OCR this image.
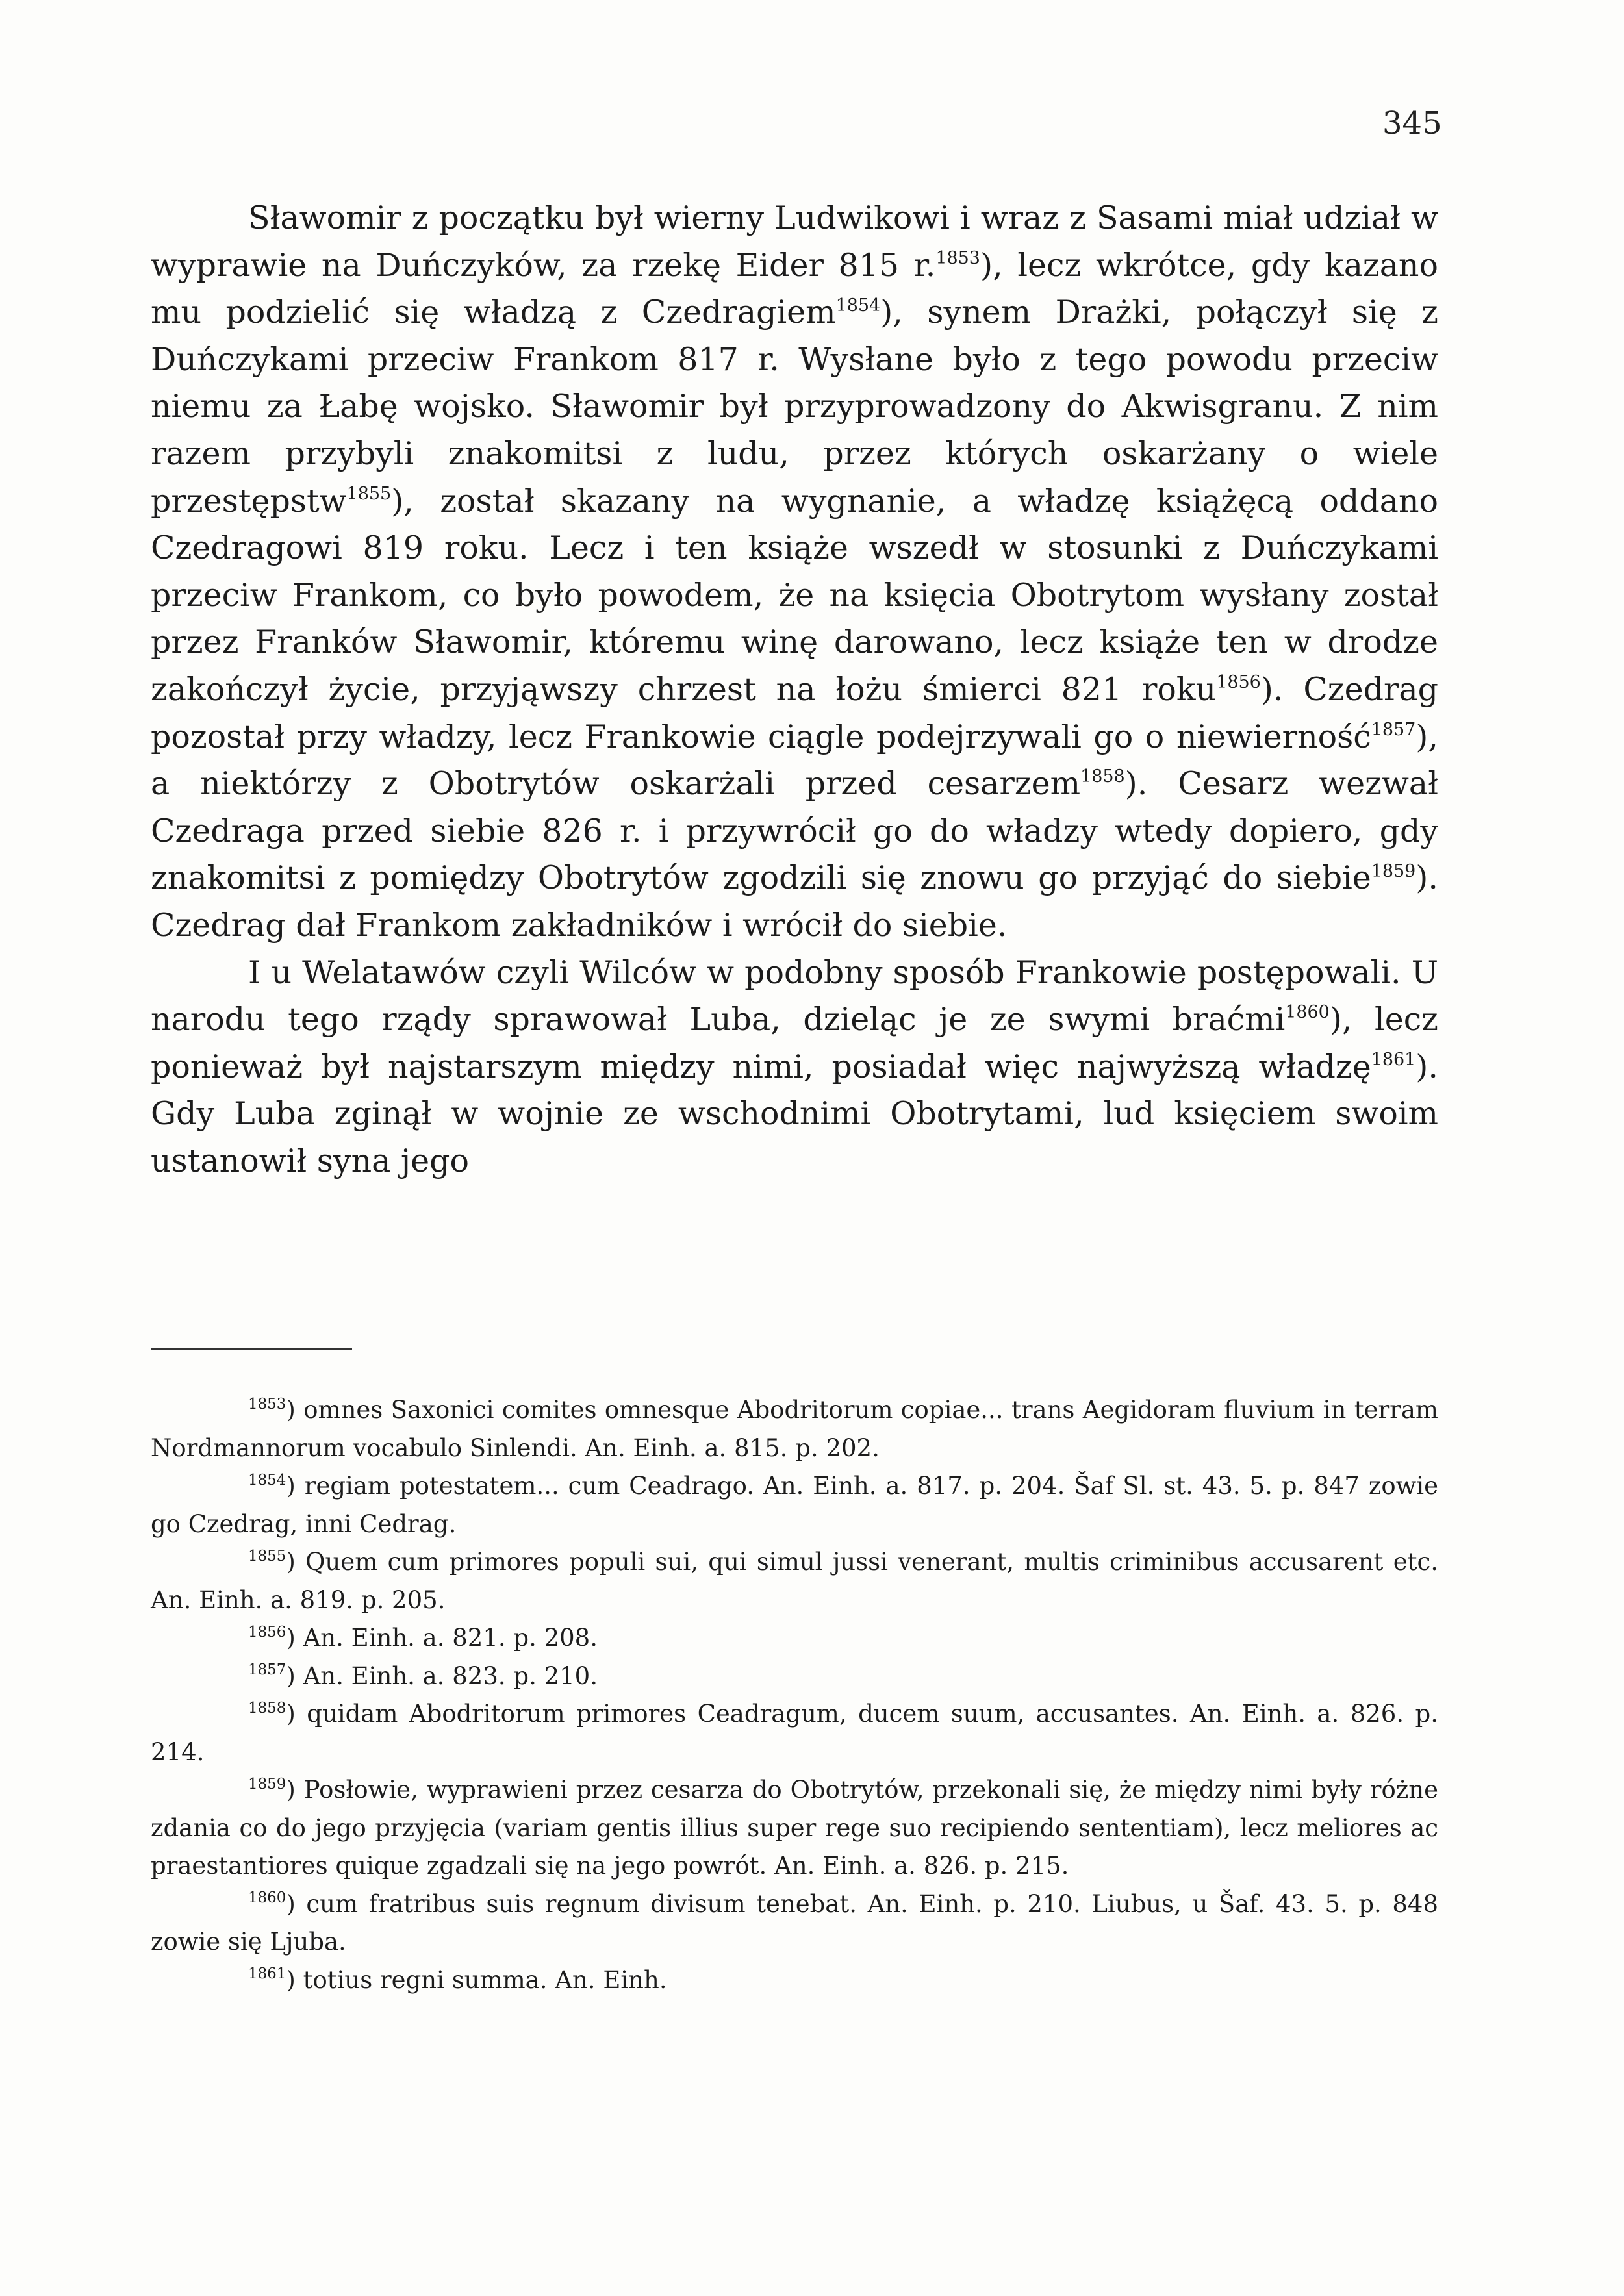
345

Sławomir z początku był wierny Ludwikowi i wraz z Sasami miał udział w wyprawie na Duńczyków, za rzekę Eider 815 r.$^{1853}$), lecz wkrótce, gdy kazano mu podzielić się władzą z Czedragiem$^{1854}$), synem Drażki, połączył się z Duńczykami przeciw Frankom 817 r. Wysłane było z tego powodu przeciw niemu za Łabę wojsko. Sławomir był przyprowadzony do Akwisgranu. Z nim razem przybyli znakomitsi z ludu, przez których oskarżany o wiele przestępstw$^{1855}$), został skazany na wygnanie, a władzę książęcą oddano Czedragowi 819 roku. Lecz i ten książe wszedł w stosunki z Duńczykami przeciw Frankom, co było powodem, że na księcia Obotrytom wysłany został przez Franków Sławomir, któremu winę darowano, lecz książe ten w drodze zakończył życie, przyjąwszy chrzest na łożu śmierci 821 roku$^{1856}$). Czedrag pozostał przy władzy, lecz Frankowie ciągle podejrzywali go o niewierność$^{1857}$), a niektórzy z Obotrytów oskarżali przed cesarzem$^{1858}$). Cesarz wezwał Czedraga przed siebie 826 r. i przywrócił go do władzy wtedy dopiero, gdy znakomitsi z pomiędzy Obotrytów zgodzili się znowu go przyjąć do siebie$^{1859}$). Czedrag dał Frankom zakładników i wrócił do siebie.

I u Welatawów czyli Wilców w podobny sposób Frankowie postępowali. U narodu tego rządy sprawował Luba, dzieląc je ze swymi braćmi$^{1860}$), lecz ponieważ był najstarszym między nimi, posiadał więc najwyższą władzę$^{1861}$). Gdy Luba zginął w wojnie ze wschodnimi Obotrytami, lud księciem swoim ustanowił syna jego

$^{1853}$) omnes Saxonici comites omnesque Abodritorum copiae... trans Aegidoram fluvium in terram Nordmannorum vocabulo Sinlendi. An. Einh. a. 815. p. 202.

$^{1854}$) regiam potestatem... cum Ceadrago. An. Einh. a. 817. p. 204. Šaf Sl. st. 43. 5. p. 847 zowie go Czedrag, inni Cedrag.

$^{1855}$) Quem cum primores populi sui, qui simul jussi venerant, multis criminibus accusarent etc. An. Einh. a. 819. p. 205.

$^{1856}$) An. Einh. a. 821. p. 208.

$^{1857}$) An. Einh. a. 823. p. 210.

$^{1858}$) quidam Abodritorum primores Ceadragum, ducem suum, accusantes. An. Einh. a. 826. p. 214.

$^{1859}$) Posłowie, wyprawieni przez cesarza do Obotrytów, przekonali się, że między nimi były różne zdania co do jego przyjęcia (variam gentis illius super rege suo recipiendo sententiam), lecz meliores ac praestantiores quique zgadzali się na jego powrót. An. Einh. a. 826. p. 215.

$^{1860}$) cum fratribus suis regnum divisum tenebat. An. Einh. p. 210. Liubus, u Šaf. 43. 5. p. 848 zowie się Ljuba.

$^{1861}$) totius regni summa. An. Einh.
